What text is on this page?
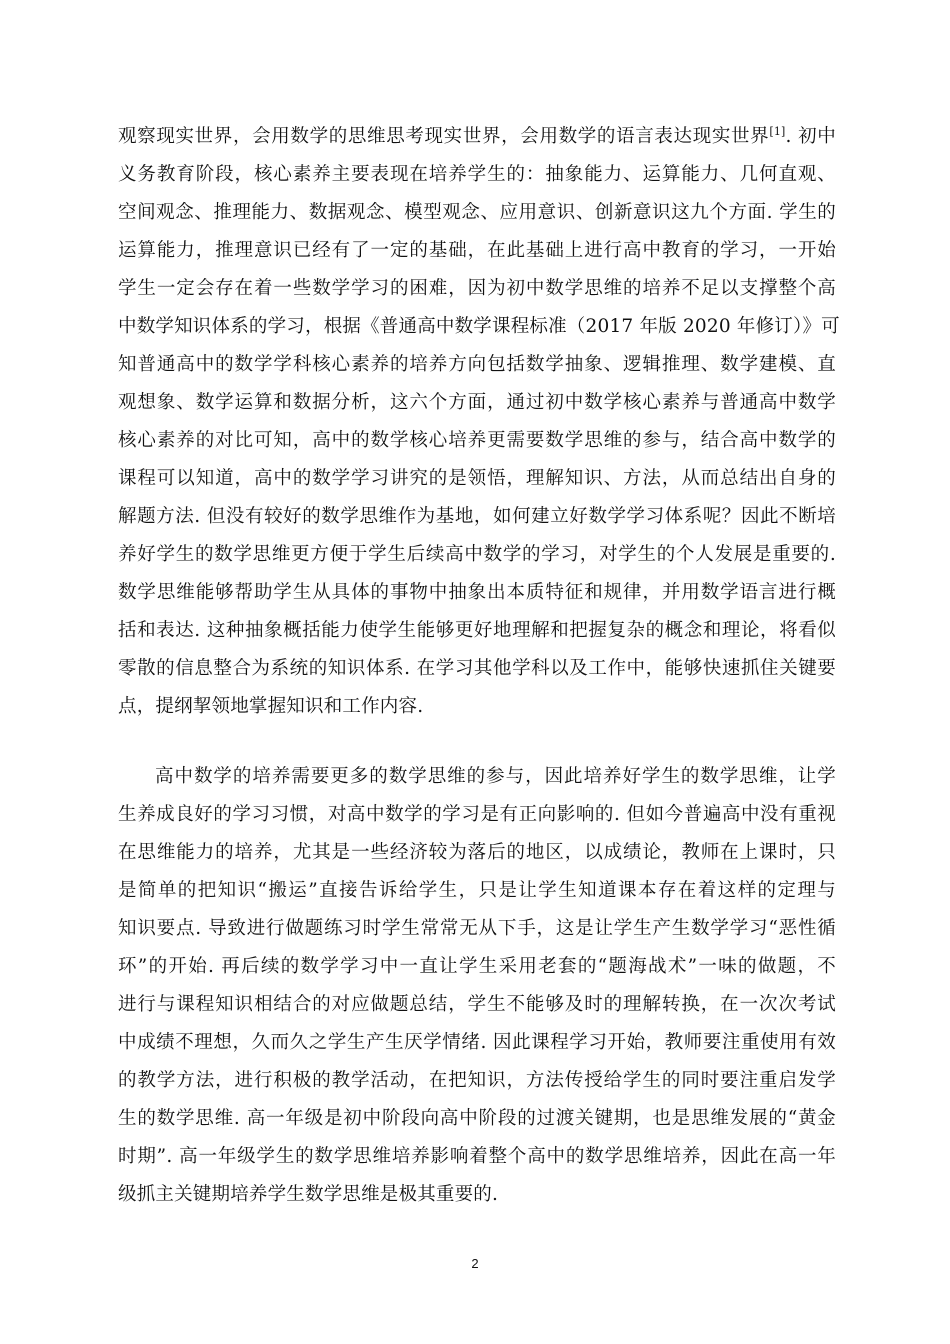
观察现实世界，会用数学的思维思考现实世界，会用数学的语言表达现实世界[1]. 初中
义务教育阶段，核心素养主要表现在培养学生的：抽象能力、运算能力、几何直观、
空间观念、推理能力、数据观念、模型观念、应用意识、创新意识这九个方面. 学生的
运算能力，推理意识已经有了一定的基础，在此基础上进行高中教育的学习，一开始
学生一定会存在着一些数学学习的困难，因为初中数学思维的培养不足以支撑整个高
中数学知识体系的学习，根据《普通高中数学课程标准（2017 年版 2020 年修订）》可
知普通高中的数学学科核心素养的培养方向包括数学抽象、逻辑推理、数学建模、直
观想象、数学运算和数据分析，这六个方面，通过初中数学核心素养与普通高中数学
核心素养的对比可知，高中的数学核心培养更需要数学思维的参与，结合高中数学的
课程可以知道，高中的数学学习讲究的是领悟，理解知识、方法，从而总结出自身的
解题方法. 但没有较好的数学思维作为基地，如何建立好数学学习体系呢？因此不断培
养好学生的数学思维更方便于学生后续高中数学的学习，对学生的个人发展是重要的.
数学思维能够帮助学生从具体的事物中抽象出本质特征和规律，并用数学语言进行概
括和表达. 这种抽象概括能力使学生能够更好地理解和把握复杂的概念和理论，将看似
零散的信息整合为系统的知识体系. 在学习其他学科以及工作中，能够快速抓住关键要
点，提纲挈领地掌握知识和工作内容.
高中数学的培养需要更多的数学思维的参与，因此培养好学生的数学思维，让学
生养成良好的学习习惯，对高中数学的学习是有正向影响的. 但如今普遍高中没有重视
在思维能力的培养，尤其是一些经济较为落后的地区，以成绩论，教师在上课时，只
是简单的把知识“搬运”直接告诉给学生，只是让学生知道课本存在着这样的定理与
知识要点. 导致进行做题练习时学生常常无从下手，这是让学生产生数学学习“恶性循
环”的开始. 再后续的数学学习中一直让学生采用老套的“题海战术”一味的做题，不
进行与课程知识相结合的对应做题总结，学生不能够及时的理解转换，在一次次考试
中成绩不理想，久而久之学生产生厌学情绪. 因此课程学习开始，教师要注重使用有效
的教学方法，进行积极的教学活动，在把知识，方法传授给学生的同时要注重启发学
生的数学思维. 高一年级是初中阶段向高中阶段的过渡关键期，也是思维发展的“黄金
时期”. 高一年级学生的数学思维培养影响着整个高中的数学思维培养，因此在高一年
级抓主关键期培养学生数学思维是极其重要的.
2
